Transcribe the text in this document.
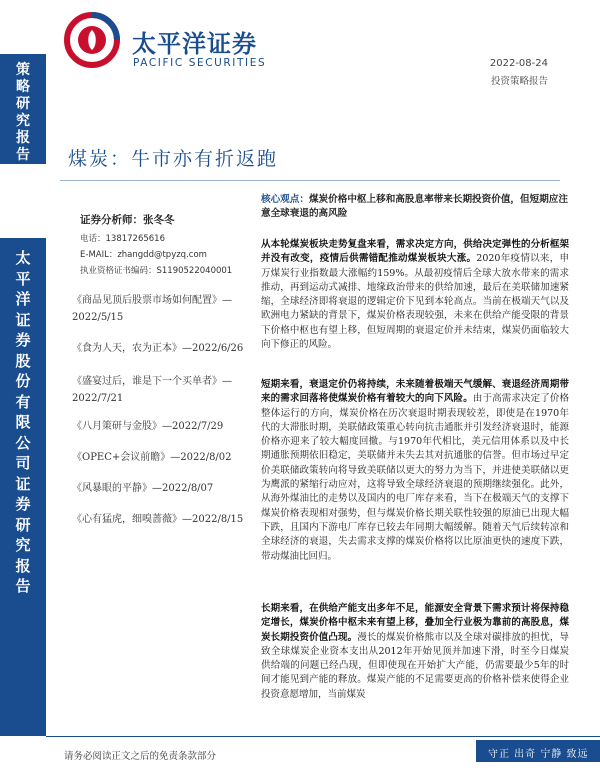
策
略
研
究
报
告
太
平
洋
证
券
股
份
有
限
公
司
证
券
研
究
报
告
太平洋证券
PACIFIC SECURITIES	2022-08-24
投资策略报告
煤炭：牛市亦有折返跑
证券分析师：张冬冬
电话：13817265616
E-MAIL：zhangdd@tpyzq.com
执业资格证书编码：S1190522040001
《商品见顶后股票市场如何配置》—2022/5/15
《食为人天，农为正本》—2022/6/26
《盛宴过后，谁是下一个买单者》—2022/7/21
《八月策研与金股》—2022/7/29
《OPEC+会议前瞻》—2022/8/02
《风暴眼的平静》—2022/8/07
《心有猛虎，细嗅蔷薇》—2022/8/15
核心观点：煤炭价格中枢上移和高股息率带来长期投资价值，但短期应注意全球衰退的高风险
从本轮煤炭板块走势复盘来看，需求决定方向，供给决定弹性的分析框架并没有改变，疫情后供需错配推动煤炭板块大涨。2020年疫情以来，申万煤炭行业指数最大涨幅约159%。从最初疫情后全球大放水带来的需求推动，再到运动式减排、地缘政治带来的供给加速，最后在美联储加速紧缩，全球经济即将衰退的逻辑定价下见到本轮高点。当前在极端天气以及欧洲电力紧缺的背景下，煤炭价格表现较强，未来在供给产能受限的背景下价格中枢也有望上移，但短周期的衰退定价并未结束，煤炭仍面临较大向下修正的风险。
短期来看，衰退定价仍将持续，未来随着极端天气缓解、衰退经济周期带来的需求回落将使煤炭价格有着较大的向下风险。由于高需求决定了价格整体运行的方向，煤炭价格在历次衰退时期表现较差，即使是在1970年代的大滞胀时期，美联储政策重心转向抗击通胀并引发经济衰退时，能源价格亦迎来了较大幅度回撤。与1970年代相比，美元信用体系以及中长期通胀预期依旧稳定，美联储并未失去其对抗通胀的信誉。但市场过早定价美联储政策转向将导致美联储以更大的努力为当下，并进使美联储以更为鹰派的紧缩行动应对，这将导致全球经济衰退的预期继续强化。此外，从海外煤油比的走势以及国内的电厂库存来看，当下在极端天气的支撑下煤炭价格表现相对强势，但与煤炭价格长期关联性较强的原油已出现大幅下跌，且国内下游电厂库存已较去年同期大幅缓解。随着天气后续转凉和全球经济的衰退，失去需求支撑的煤炭价格将以比原油更快的速度下跌，带动煤油比回归。
长期来看，在供给产能支出多年不足，能源安全背景下需求预计将保持稳定增长，煤炭价格中枢未来有望上移，叠加全行业极为靠前的高股息，煤炭长期投资价值凸现。漫长的煤炭价格熊市以及全球对碳排放的担忧，导致全球煤炭企业资本支出从2012年开始见顶并加速下滑，时至今日煤炭供给端的问题已经凸现，但即使现在开始扩大产能，仍需要最少5年的时间才能见到产能的释放。煤炭产能的不足需要更高的价格补偿来使得企业投资意愿增加，当前煤炭
请务必阅读正文之后的免责条款部分	守正 出奇 宁静 致远
